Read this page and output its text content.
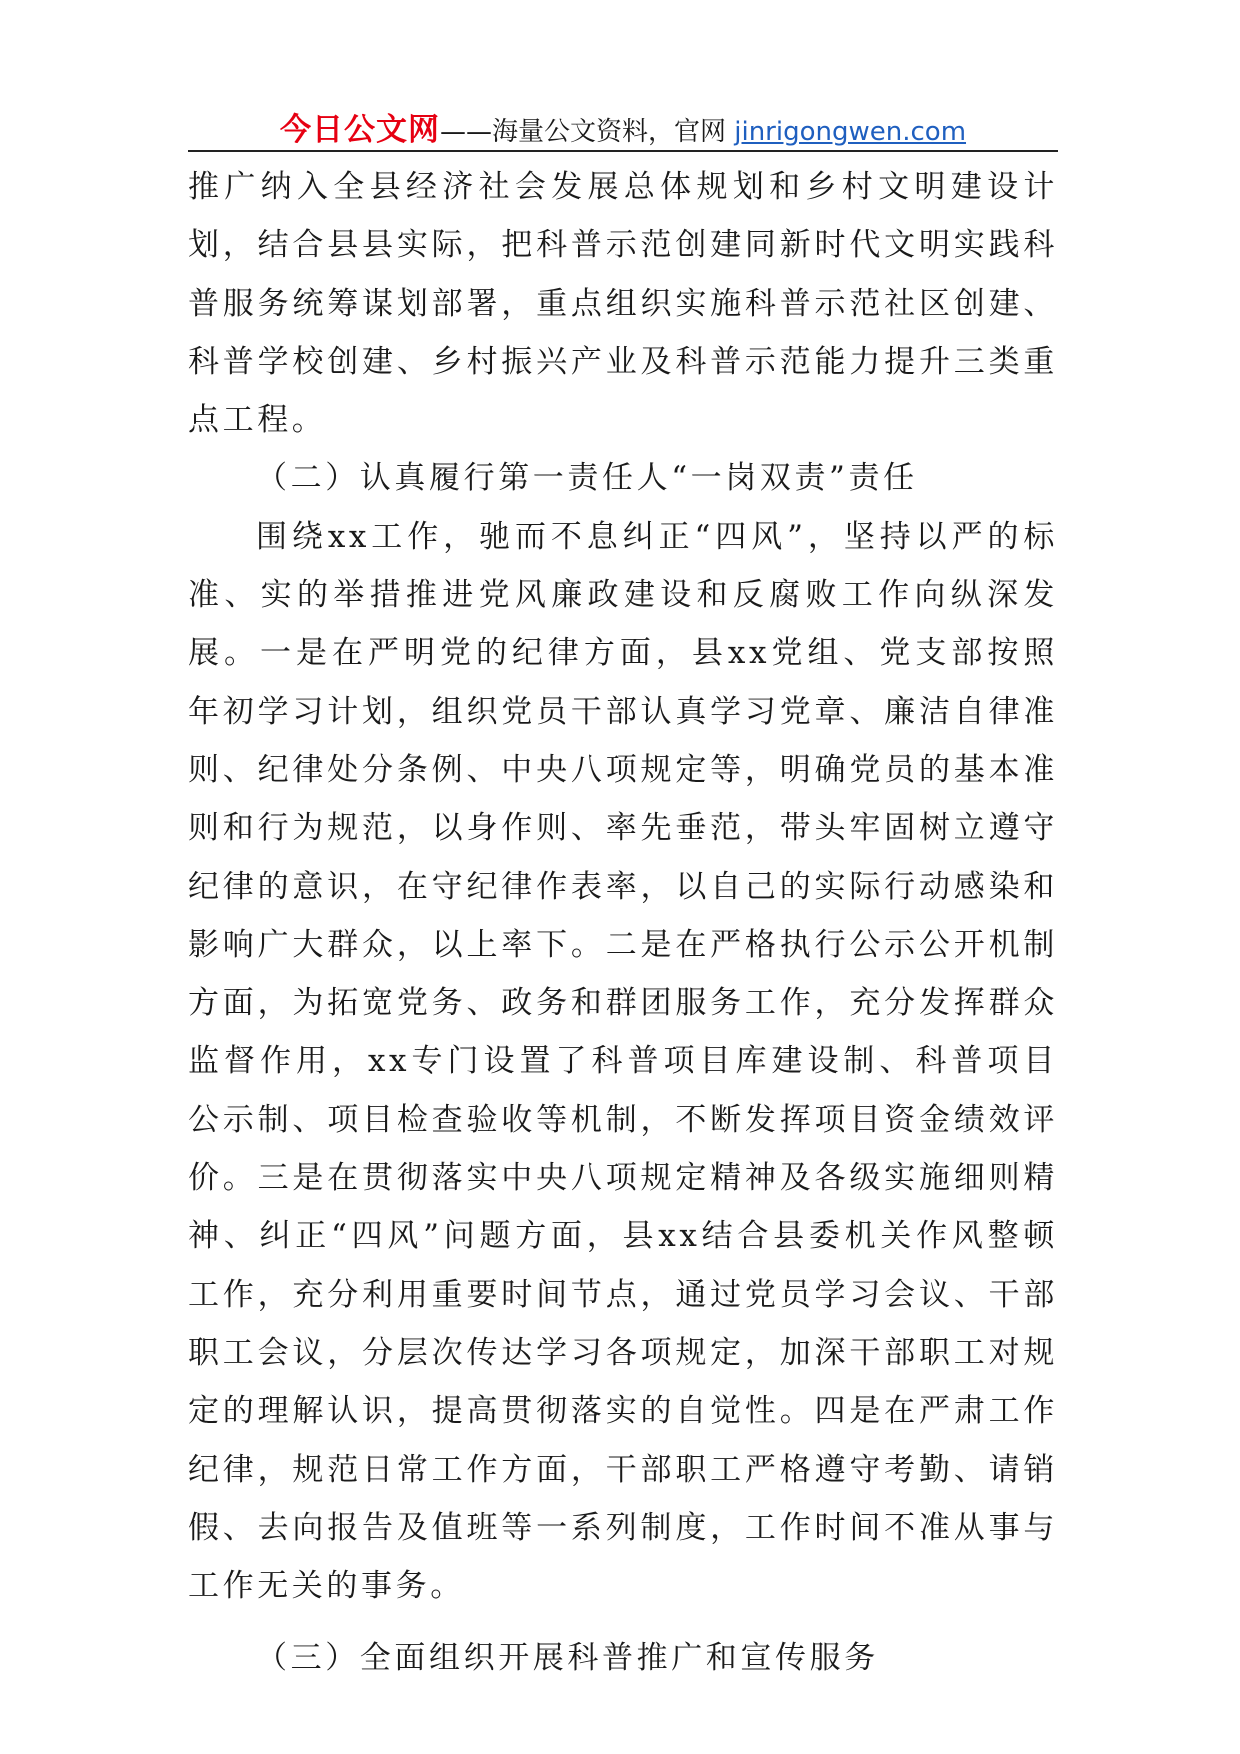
今日公文网——海量公文资料，官网 jinrigongwen.com

推广纳入全县经济社会发展总体规划和乡村文明建设计划，结合县县实际，把科普示范创建同新时代文明实践科普服务统筹谋划部署，重点组织实施科普示范社区创建、科普学校创建、乡村振兴产业及科普示范能力提升三类重点工程。

（二）认真履行第一责任人“一岗双责”责任

围绕xx工作，驰而不息纠正“四风”，坚持以严的标准、实的举措推进党风廉政建设和反腐败工作向纵深发展。一是在严明党的纪律方面，县xx党组、党支部按照年初学习计划，组织党员干部认真学习党章、廉洁自律准则、纪律处分条例、中央八项规定等，明确党员的基本准则和行为规范，以身作则、率先垂范，带头牢固树立遵守纪律的意识，在守纪律作表率，以自己的实际行动感染和影响广大群众，以上率下。二是在严格执行公示公开机制方面，为拓宽党务、政务和群团服务工作，充分发挥群众监督作用，xx专门设置了科普项目库建设制、科普项目公示制、项目检查验收等机制，不断发挥项目资金绩效评价。三是在贯彻落实中央八项规定精神及各级实施细则精神、纠正“四风”问题方面，县xx结合县委机关作风整顿工作，充分利用重要时间节点，通过党员学习会议、干部职工会议，分层次传达学习各项规定，加深干部职工对规定的理解认识，提高贯彻落实的自觉性。四是在严肃工作纪律，规范日常工作方面，干部职工严格遵守考勤、请销假、去向报告及值班等一系列制度，工作时间不准从事与工作无关的事务。

（三）全面组织开展科普推广和宣传服务
